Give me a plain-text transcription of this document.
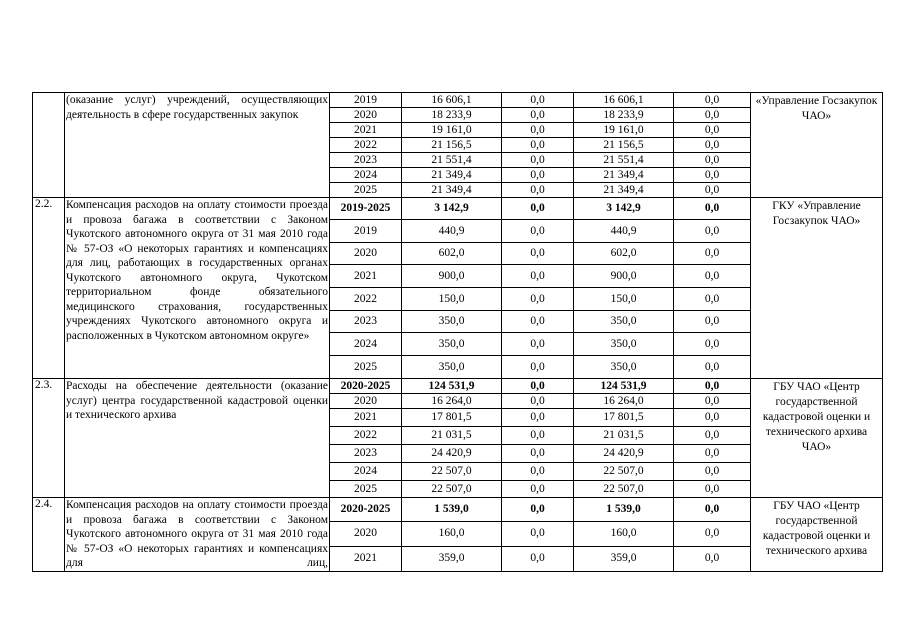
	(оказание услуг) учреждений, осуществляющих деятельность в сфере государственных закупок	2019	16 606,1	0,0	16 606,1	0,0	«Управление Госзакупок ЧАО»
		2020	18 233,9	0,0	18 233,9	0,0	
		2021	19 161,0	0,0	19 161,0	0,0	
		2022	21 156,5	0,0	21 156,5	0,0	
		2023	21 551,4	0,0	21 551,4	0,0	
		2024	21 349,4	0,0	21 349,4	0,0	
		2025	21 349,4	0,0	21 349,4	0,0	
2.2.	Компенсация расходов на оплату стоимости проезда и провоза багажа в соответствии с Законом Чукотского автономного округа от 31 мая 2010 года № 57-ОЗ «О некоторых гарантиях и компенсациях для лиц, работающих в государственных органах Чукотского автономного округа, Чукотском территориальном фонде обязательного медицинского страхования, государственных учреждениях Чукотского автономного округа и расположенных в Чукотском автономном округе»	2019-2025	3 142,9	0,0	3 142,9	0,0	ГКУ «Управление Госзакупок ЧАО»
		2019	440,9	0,0	440,9	0,0	
		2020	602,0	0,0	602,0	0,0	
		2021	900,0	0,0	900,0	0,0	
		2022	150,0	0,0	150,0	0,0	
		2023	350,0	0,0	350,0	0,0	
		2024	350,0	0,0	350,0	0,0	
		2025	350,0	0,0	350,0	0,0	
2.3.	Расходы на обеспечение деятельности (оказание услуг) центра государственной кадастровой оценки и технического архива	2020-2025	124 531,9	0,0	124 531,9	0,0	ГБУ ЧАО «Центр государственной кадастровой оценки и технического архива ЧАО»
		2020	16 264,0	0,0	16 264,0	0,0	
		2021	17 801,5	0,0	17 801,5	0,0	
		2022	21 031,5	0,0	21 031,5	0,0	
		2023	24 420,9	0,0	24 420,9	0,0	
		2024	22 507,0	0,0	22 507,0	0,0	
		2025	22 507,0	0,0	22 507,0	0,0	
2.4.	Компенсация расходов на оплату стоимости проезда и провоза багажа в соответствии с Законом Чукотского автономного округа от 31 мая 2010 года № 57-ОЗ «О некоторых гарантиях и компенсациях для лиц,	2020-2025	1 539,0	0,0	1 539,0	0,0	ГБУ ЧАО «Центр государственной кадастровой оценки и технического архива
		2020	160,0	0,0	160,0	0,0	
		2021	359,0	0,0	359,0	0,0	
